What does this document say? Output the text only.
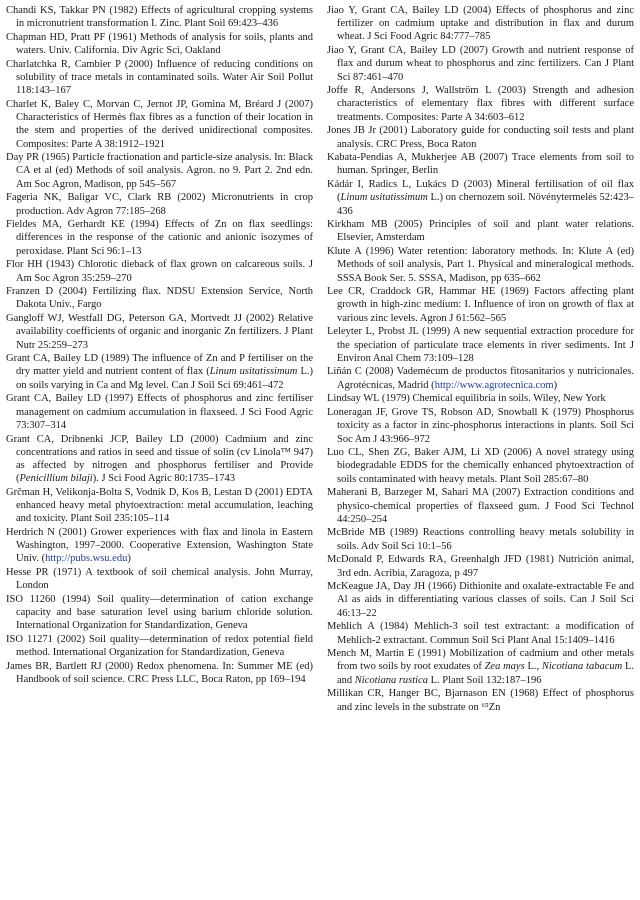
Chandi KS, Takkar PN (1982) Effects of agricultural cropping systems in micronutrient transformation I. Zinc. Plant Soil 69:423–436

Chapman HD, Pratt PF (1961) Methods of analysis for soils, plants and waters. Univ. California. Div Agric Sci, Oakland

Charlatchka R, Cambier P (2000) Influence of reducing conditions on solubility of trace metals in contaminated soils. Water Air Soil Pollut 118:143–167

Charlet K, Baley C, Morvan C, Jernot JP, Gomina M, Bréard J (2007) Characteristics of Hermès flax fibres as a function of their location in the stem and properties of the derived unidirectional composites. Composites: Parte A 38:1912–1921

Day PR (1965) Particle fractionation and particle-size analysis. In: Black CA et al (ed) Methods of soil analysis. Agron. no 9. Part 2. 2nd edn. Am Soc Agron, Madison, pp 545–567

Fageria NK, Baligar VC, Clark RB (2002) Micronutrients in crop production. Adv Agron 77:185–268

Fieldes MA, Gerhardt KE (1994) Effects of Zn on flax seedlings: differences in the response of the cationic and anionic isozymes of peroxidase. Plant Sci 96:1–13

Flor HH (1943) Chlorotic dieback of flax grown on calcareous soils. J Am Soc Agron 35:259–270

Franzen D (2004) Fertilizing flax. NDSU Extension Service, North Dakota Univ., Fargo

Gangloff WJ, Westfall DG, Peterson GA, Mortvedt JJ (2002) Relative availability coefficients of organic and inorganic Zn fertilizers. J Plant Nutr 25:259–273

Grant CA, Bailey LD (1989) The influence of Zn and P fertiliser on the dry matter yield and nutrient content of flax (Linum usitatissimum L.) on soils varying in Ca and Mg level. Can J Soil Sci 69:461–472

Grant CA, Bailey LD (1997) Effects of phosphorus and zinc fertiliser management on cadmium accumulation in flaxseed. J Sci Food Agric 73:307–314

Grant CA, Dribnenki JCP, Bailey LD (2000) Cadmium and zinc concentrations and ratios in seed and tissue of solin (cv Linola™ 947) as affected by nitrogen and phosphorus fertiliser and Provide (Penicillium bilaji). J Sci Food Agric 80:1735–1743

Grčman H, Velikonja-Bolta S, Vodnik D, Kos B, Lestan D (2001) EDTA enhanced heavy metal phytoextraction: metal accumulation, leaching and toxicity. Plant Soil 235:105–114

Herdrich N (2001) Grower experiences with flax and linola in Eastern Washington, 1997–2000. Cooperative Extension, Washington State Univ. (http://pubs.wsu.edu)

Hesse PR (1971) A textbook of soil chemical analysis. John Murray, London

ISO 11260 (1994) Soil quality—determination of cation exchange capacity and base saturation level using barium chloride solution. International Organization for Standardization, Geneva

ISO 11271 (2002) Soil quality—determination of redox potential field method. International Organization for Standardization, Geneva

James BR, Bartlett RJ (2000) Redox phenomena. In: Summer ME (ed) Handbook of soil science. CRC Press LLC, Boca Raton, pp 169–194

Jiao Y, Grant CA, Bailey LD (2004) Effects of phosphorus and zinc fertilizer on cadmium uptake and distribution in flax and durum wheat. J Sci Food Agric 84:777–785

Jiao Y, Grant CA, Bailey LD (2007) Growth and nutrient response of flax and durum wheat to phosphorus and zinc fertilizers. Can J Plant Sci 87:461–470

Joffe R, Andersons J, Wallström L (2003) Strength and adhesion characteristics of elementary flax fibres with different surface treatments. Composites: Parte A 34:603–612

Jones JB Jr (2001) Laboratory guide for conducting soil tests and plant analysis. CRC Press, Boca Raton

Kabata-Pendias A, Mukherjee AB (2007) Trace elements from soil to human. Springer, Berlin

Kádár I, Radics L, Lukács D (2003) Mineral fertilisation of oil flax (Linum usitatissimum L.) on chernozem soil. Növénytermelés 52:423–436

Kirkham MB (2005) Principles of soil and plant water relations. Elsevier, Amsterdam

Klute A (1996) Water retention: laboratory methods. In: Klute A (ed) Methods of soil analysis, Part 1. Physical and mineralogical methods. SSSA Book Ser. 5. SSSA, Madison, pp 635–662

Lee CR, Craddock GR, Hammar HE (1969) Factors affecting plant growth in high-zinc medium: I. Influence of iron on growth of flax at various zinc levels. Agron J 61:562–565

Leleyter L, Probst JL (1999) A new sequential extraction procedure for the speciation of particulate trace elements in river sediments. Int J Environ Anal Chem 73:109–128

Liñán C (2008) Vademécum de productos fitosanitarios y nutricionales. Agrotécnicas, Madrid (http://www.agrotecnica.com)

Lindsay WL (1979) Chemical equilibria in soils. Wiley, New York

Loneragan JF, Grove TS, Robson AD, Snowball K (1979) Phosphorus toxicity as a factor in zinc-phosphorus interactions in plants. Soil Sci Soc Am J 43:966–972

Luo CL, Shen ZG, Baker AJM, Li XD (2006) A novel strategy using biodegradable EDDS for the chemically enhanced phytoextraction of soils contaminated with heavy metals. Plant Soil 285:67–80

Maherani B, Barzeger M, Sahari MA (2007) Extraction conditions and physico-chemical properties of flaxseed gum. J Food Sci Technol 44:250–254

McBride MB (1989) Reactions controlling heavy metals solubility in soils. Adv Soil Sci 10:1–56

McDonald P, Edwards RA, Greenhalgh JFD (1981) Nutrición animal, 3rd edn. Acribia, Zaragoza, p 497

McKeague JA, Day JH (1966) Dithionite and oxalate-extractable Fe and Al as aids in differentiating various classes of soils. Can J Soil Sci 46:13–22

Mehlich A (1984) Mehlich-3 soil test extractant: a modification of Mehlich-2 extractant. Commun Soil Sci Plant Anal 15:1409–1416

Mench M, Martin E (1991) Mobilization of cadmium and other metals from two soils by root exudates of Zea mays L., Nicotiana tabacum L. and Nicotiana rustica L. Plant Soil 132:187–196

Millikan CR, Hanger BC, Bjarnason EN (1968) Effect of phosphorus and zinc levels in the substrate on ⁶⁵Zn
